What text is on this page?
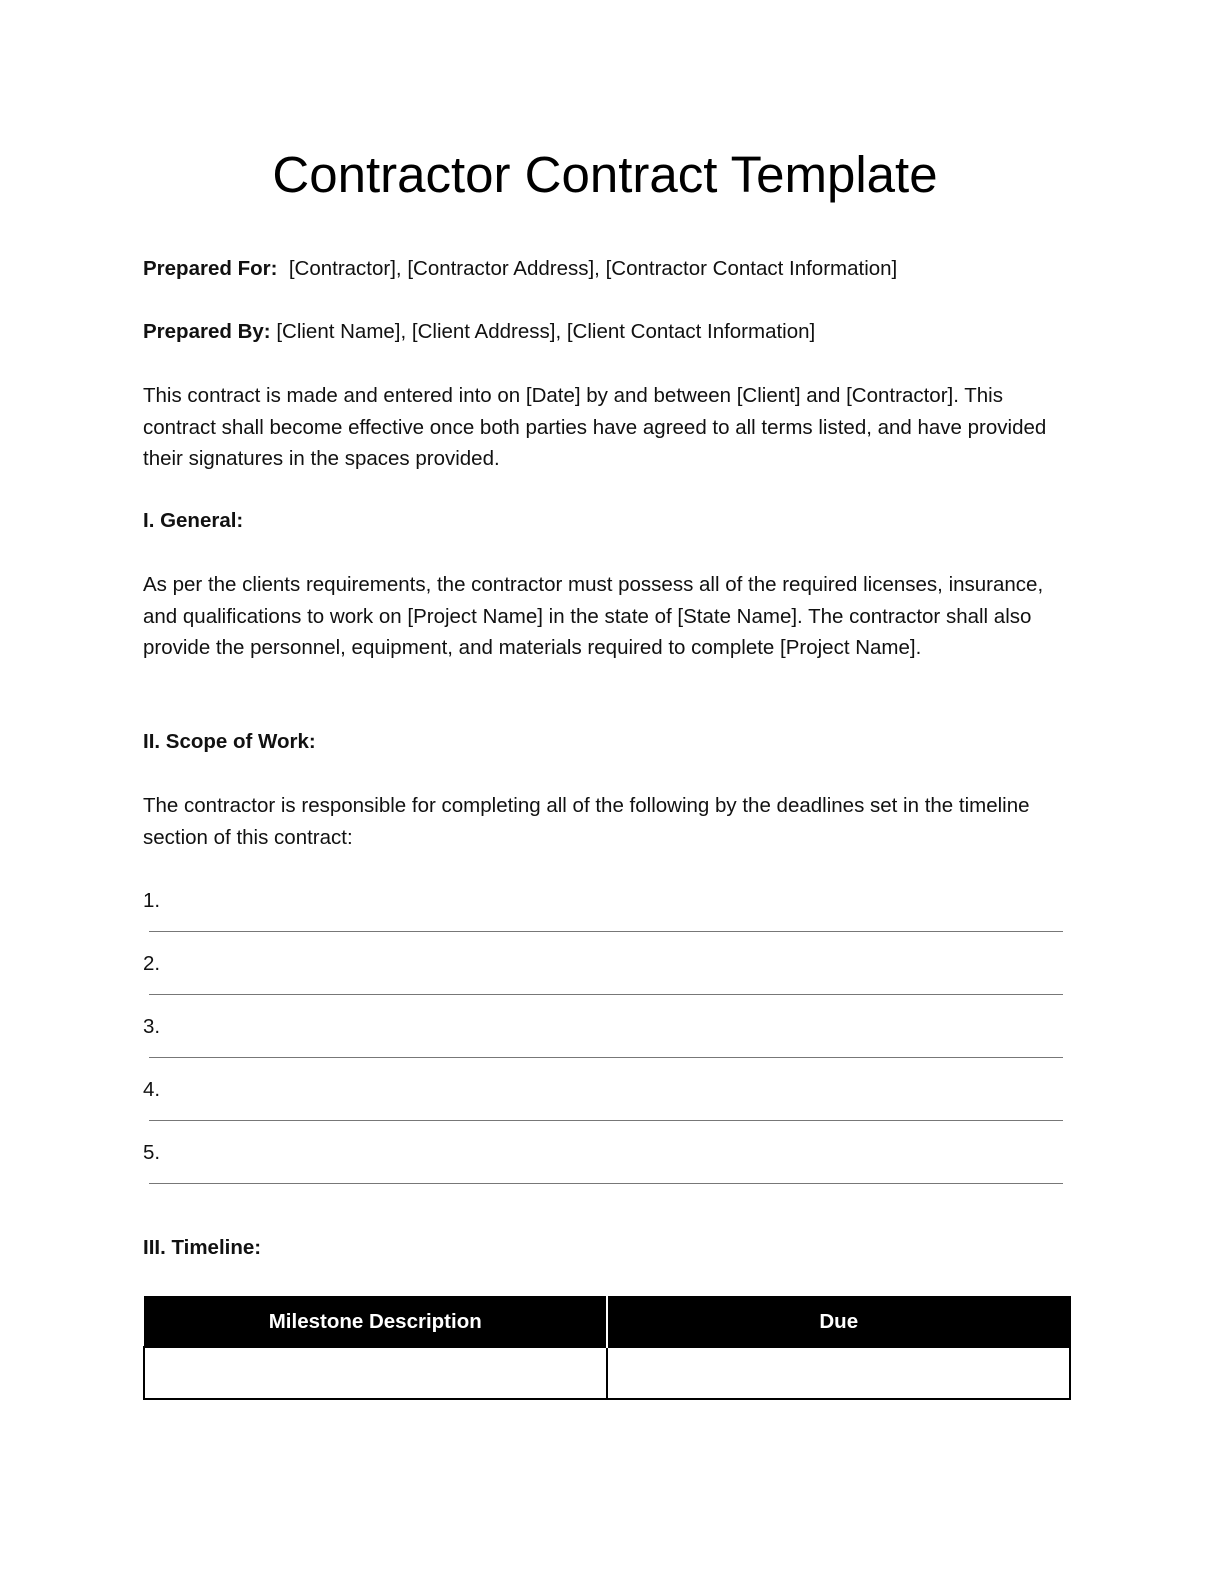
Contractor Contract Template
Prepared For: [Contractor], [Contractor Address], [Contractor Contact Information]
Prepared By: [Client Name], [Client Address], [Client Contact Information]
This contract is made and entered into on [Date] by and between [Client] and [Contractor]. This contract shall become effective once both parties have agreed to all terms listed, and have provided their signatures in the spaces provided.
I. General:
As per the clients requirements, the contractor must possess all of the required licenses, insurance, and qualifications to work on [Project Name] in the state of [State Name]. The contractor shall also provide the personnel, equipment, and materials required to complete [Project Name].
II. Scope of Work:
The contractor is responsible for completing all of the following by the deadlines set in the timeline section of this contract:
1.
2.
3.
4.
5.
III. Timeline:
Milestone Description	Due
